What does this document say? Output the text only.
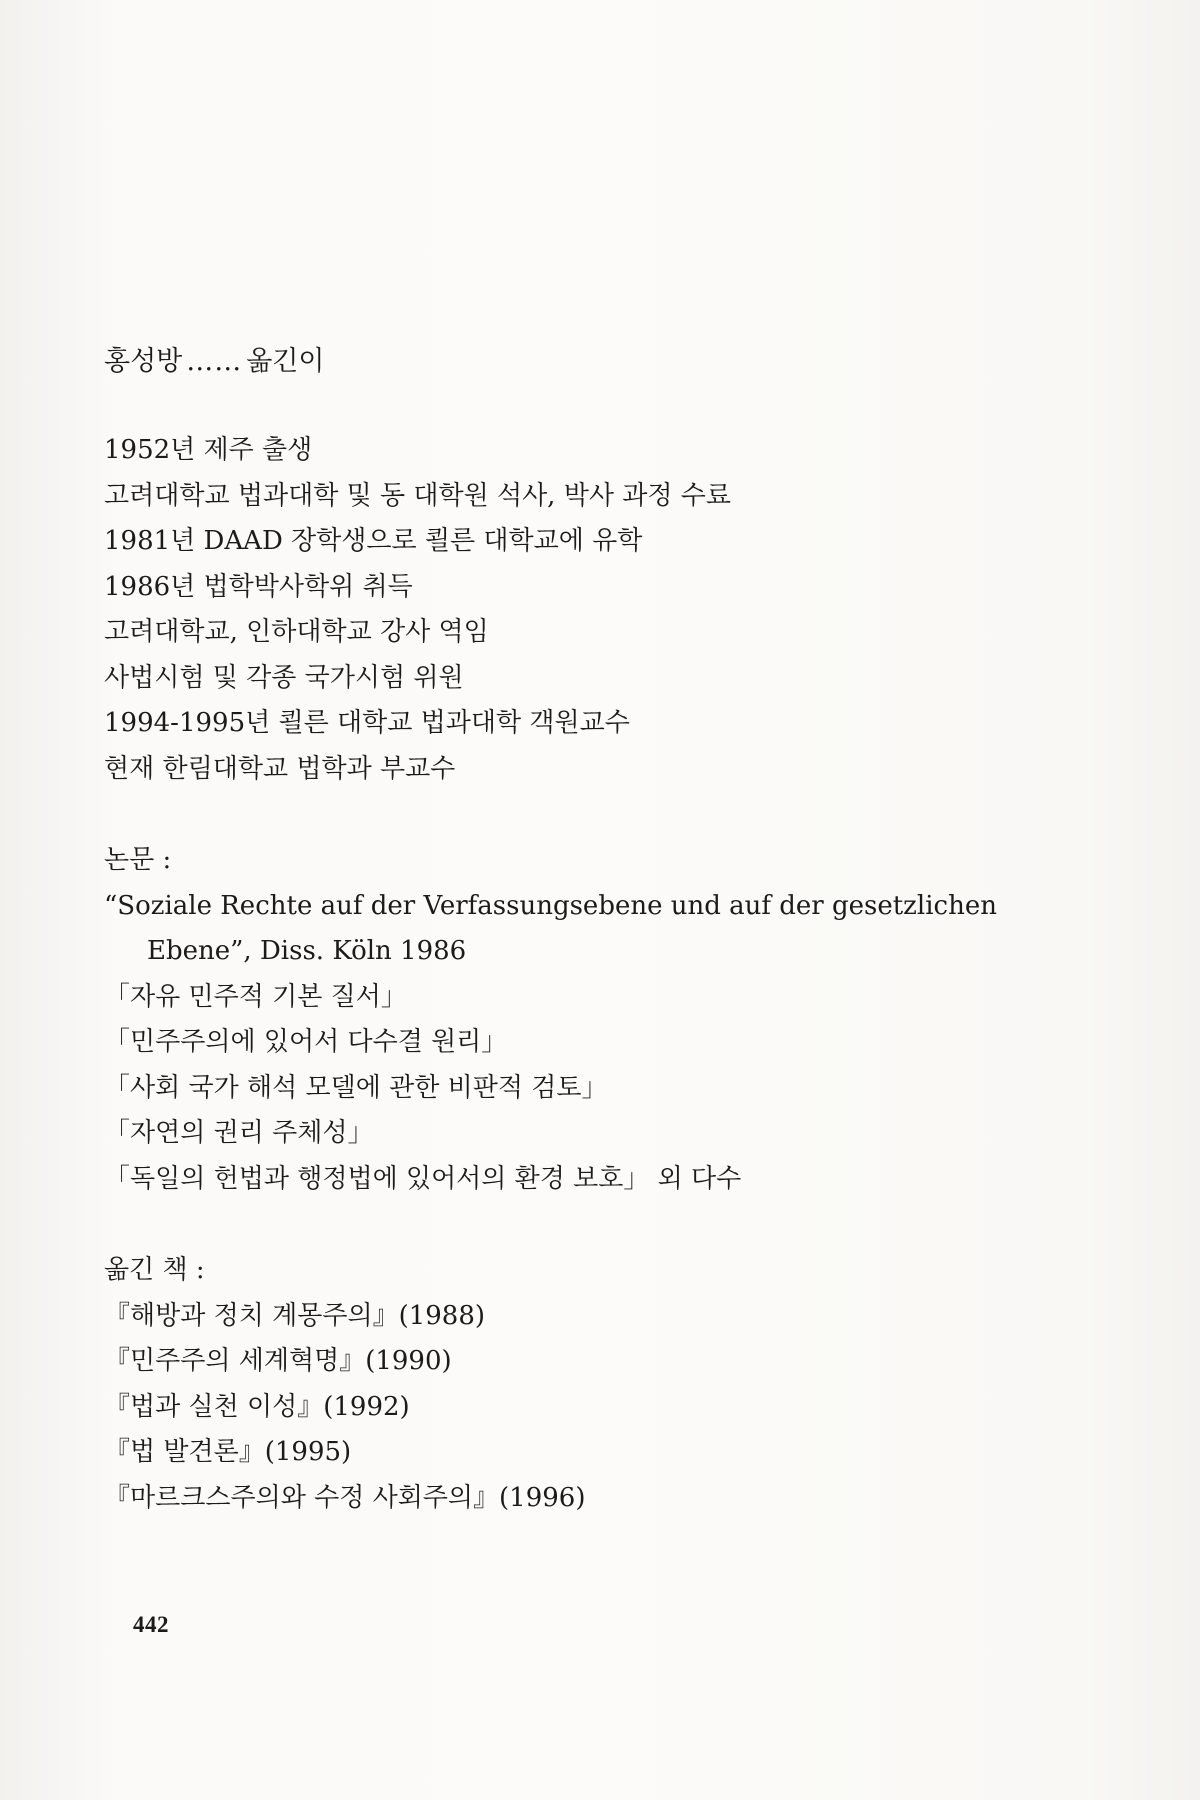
홍성방 …… 옮긴이
1952년 제주 출생
고려대학교 법과대학 및 동 대학원 석사, 박사 과정 수료
1981년 DAAD 장학생으로 쾰른 대학교에 유학
1986년 법학박사학위 취득
고려대학교, 인하대학교 강사 역임
사법시험 및 각종 국가시험 위원
1994-1995년 쾰른 대학교 법과대학 객원교수
현재 한림대학교 법학과 부교수
논문 :
“Soziale Rechte auf der Verfassungsebene und auf der gesetzlichen
Ebene”, Diss. Köln 1986
「자유 민주적 기본 질서」
「민주주의에 있어서 다수결 원리」
「사회 국가 해석 모델에 관한 비판적 검토」
「자연의 권리 주체성」
「독일의 헌법과 행정법에 있어서의 환경 보호」 외 다수
옮긴 책 :
『해방과 정치 계몽주의』(1988)
『민주주의 세계혁명』(1990)
『법과 실천 이성』(1992)
『법 발견론』(1995)
『마르크스주의와 수정 사회주의』(1996)
442
